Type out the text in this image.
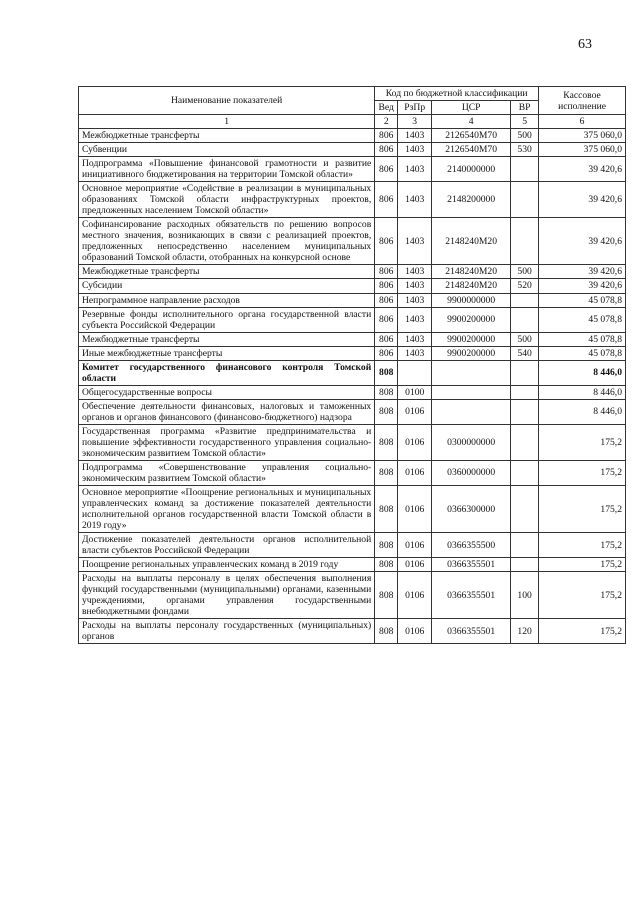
63
Наименование показателей	Код по бюджетной классификации				Кассовое исполнение
	Вед	РзПр	ЦСР	ВР	
1	2	3	4	5	6
Межбюджетные трансферты	806	1403	2126540М70	500	375 060,0
Субвенции	806	1403	2126540М70	530	375 060,0
Подпрограмма «Повышение финансовой грамотности и развитие инициативного бюджетирования на территории Томской области»	806	1403	2140000000		39 420,6
Основное мероприятие «Содействие в реализации в муниципальных образованиях Томской области инфраструктурных проектов, предложенных населением Томской области»	806	1403	2148200000		39 420,6
Софинансирование расходных обязательств по решению вопросов местного значения, возникающих в связи с реализацией проектов, предложенных непосредственно населением муниципальных образований Томской области, отобранных на конкурсной основе	806	1403	2148240М20		39 420,6
Межбюджетные трансферты	806	1403	2148240М20	500	39 420,6
Субсидии	806	1403	2148240М20	520	39 420,6
Непрограммное направление расходов	806	1403	9900000000		45 078,8
Резервные фонды исполнительного органа государственной власти субъекта Российской Федерации	806	1403	9900200000		45 078,8
Межбюджетные трансферты	806	1403	9900200000	500	45 078,8
Иные межбюджетные трансферты	806	1403	9900200000	540	45 078,8
Комитет государственного финансового контроля Томской области	808				8 446,0
Общегосударственные вопросы	808	0100			8 446,0
Обеспечение деятельности финансовых, налоговых и таможенных органов и органов финансового (финансово-бюджетного) надзора	808	0106			8 446,0
Государственная программа «Развитие предпринимательства и повышение эффективности государственного управления социально-экономическим развитием Томской области»	808	0106	0300000000		175,2
Подпрограмма «Совершенствование управления социально-экономическим развитием Томской области»	808	0106	0360000000		175,2
Основное мероприятие «Поощрение региональных и муниципальных управленческих команд за достижение показателей деятельности исполнительной органов государственной власти Томской области в 2019 году»	808	0106	0366300000		175,2
Достижение показателей деятельности органов исполнительной власти субъектов Российской Федерации	808	0106	0366355500		175,2
Поощрение региональных управленческих команд в 2019 году	808	0106	0366355501		175,2
Расходы на выплаты персоналу в целях обеспечения выполнения функций государственными (муниципальными) органами, казенными учреждениями, органами управления государственными внебюджетными фондами	808	0106	0366355501	100	175,2
Расходы на выплаты персоналу государственных (муниципальных) органов	808	0106	0366355501	120	175,2
